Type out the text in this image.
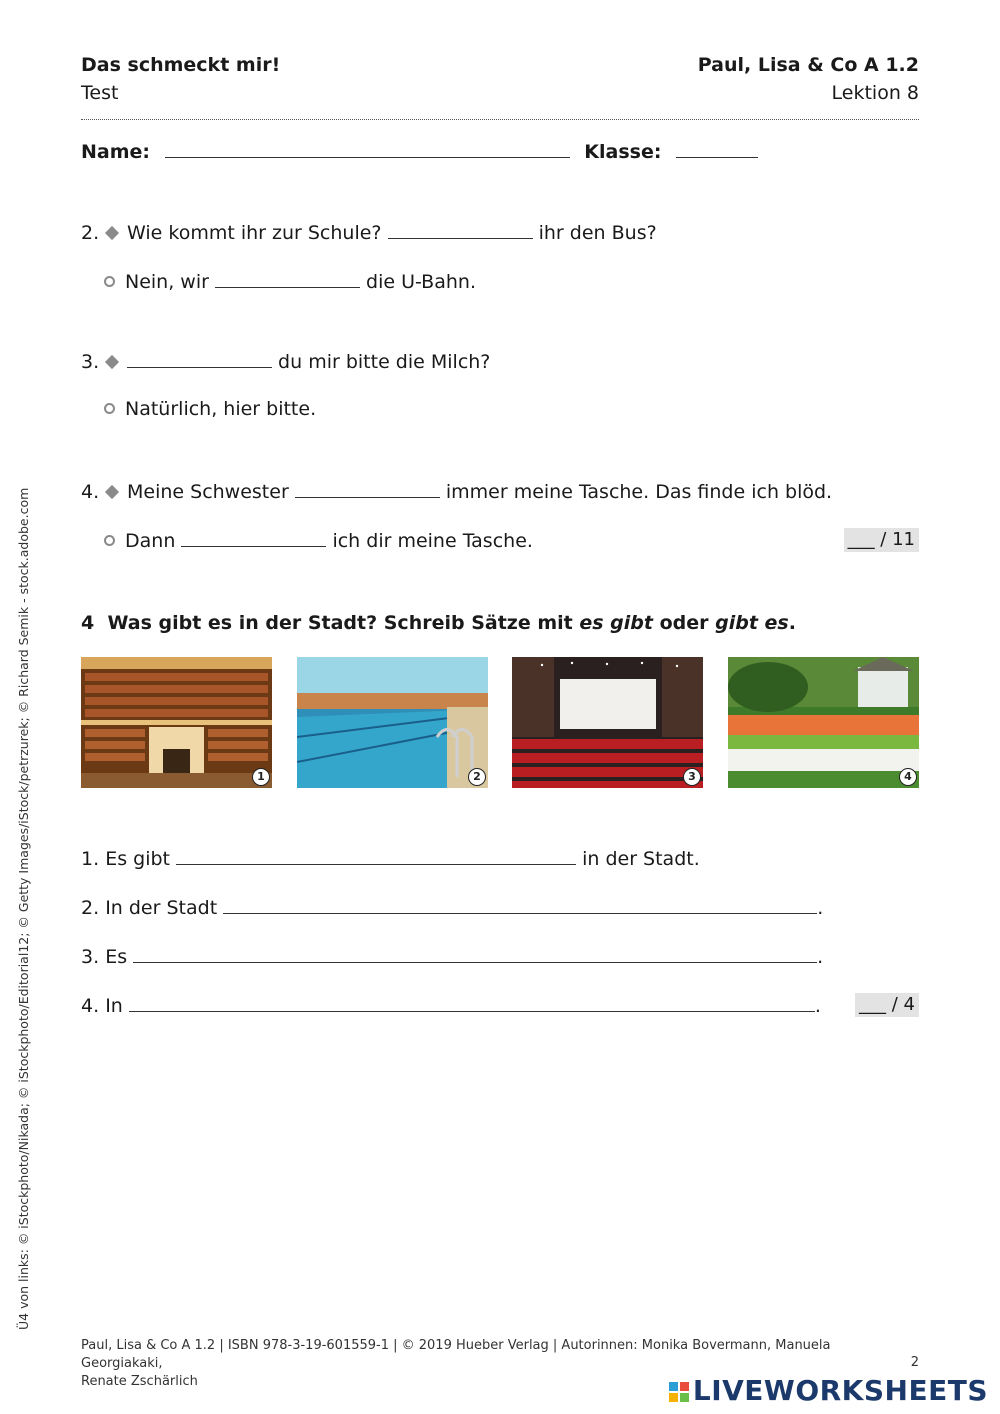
Das schmeckt mir!
Test
Paul, Lisa & Co A 1.2
Lektion 8
Name:	Klasse:
2. Wie kommt ihr zur Schule?	ihr den Bus?
Nein, wir	die U-Bahn.
3.	du mir bitte die Milch?
Natürlich, hier bitte.
4. Meine Schwester	immer meine Tasche. Das finde ich blöd.
Dann	ich dir meine Tasche.	___ / 11
4 Was gibt es in der Stadt? Schreib Sätze mit es gibt oder gibt es.
1	2	3	4
1. Es gibt	in der Stadt.
2. In der Stadt	.
3. Es	.
4. In	. ___ / 4
Ü4 von links: © iStockphoto/Nikada; © iStockphoto/Editorial12; © Getty Images/iStock/petrzurek; © Richard Semik - stock.adobe.com
Paul, Lisa & Co A 1.2 | ISBN 978-3-19-601559-1 | © 2019 Hueber Verlag | Autorinnen: Monika Bovermann, Manuela Georgiakaki,
Renate Zschärlich
2
LIVEWORKSHEETS
